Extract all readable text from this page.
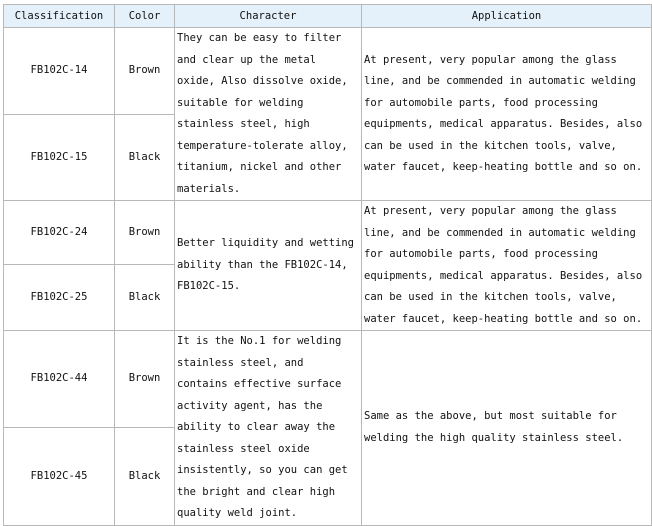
Classification	Color	Character	Application
FB102C-14	Brown	They can be easy to filter and clear up the metal oxide, Also dissolve oxide, suitable for welding stainless steel, high temperature-tolerate alloy, titanium, nickel and other materials.	At present, very popular among the glass line, and be commended in automatic welding for automobile parts, food processing equipments, medical apparatus. Besides, also can be used in the kitchen tools, valve, water faucet, keep-heating bottle and so on.
FB102C-15	Black		
FB102C-24	Brown	Better liquidity and wetting ability than the FB102C-14, FB102C-15.	At present, very popular among the glass line, and be commended in automatic welding for automobile parts, food processing equipments, medical apparatus. Besides, also can be used in the kitchen tools, valve, water faucet, keep-heating bottle and so on.
FB102C-25	Black		
FB102C-44	Brown	It is the No.1 for welding stainless steel, and contains effective surface activity agent, has the ability to clear away the stainless steel oxide insistently, so you can get the bright and clear high quality weld joint.	Same as the above, but most suitable for welding the high quality stainless steel.
FB102C-45	Black		
